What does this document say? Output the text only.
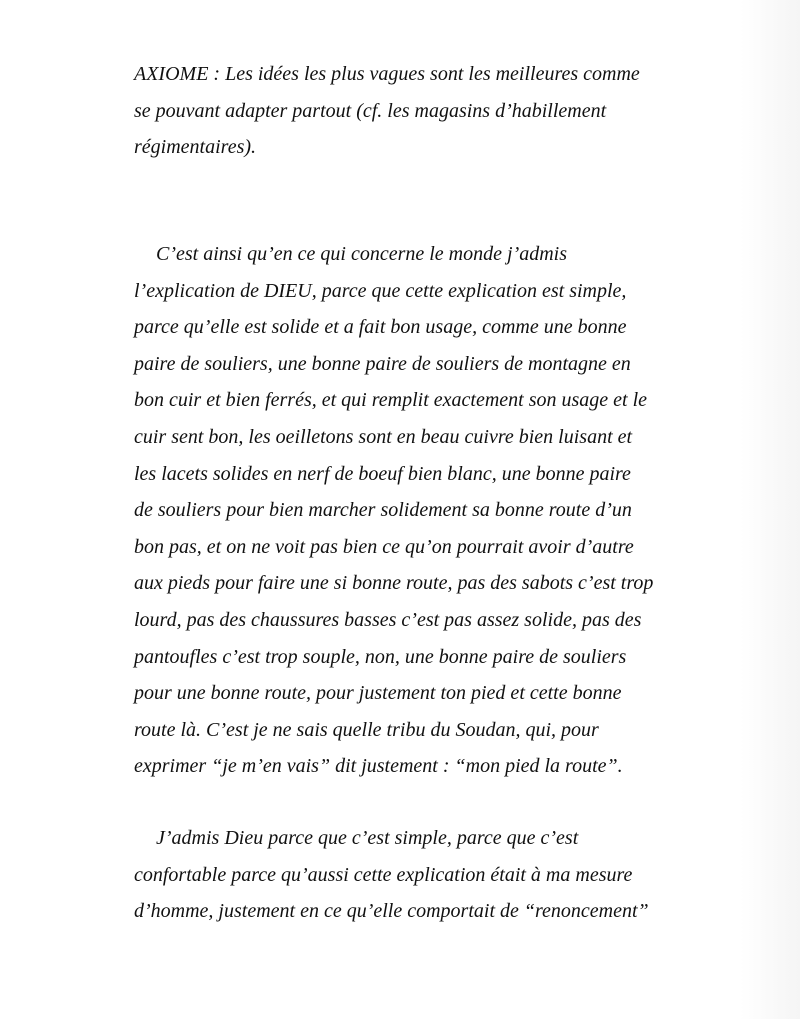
AXIOME : Les idées les plus vagues sont les meilleures comme
se pouvant adapter partout (cf. les magasins d’habillement
régimentaires).
C’est ainsi qu’en ce qui concerne le monde j’admis
l’explication de DIEU, parce que cette explication est simple,
parce qu’elle est solide et a fait bon usage, comme une bonne
paire de souliers, une bonne paire de souliers de montagne en
bon cuir et bien ferrés, et qui remplit exactement son usage et le
cuir sent bon, les oeilletons sont en beau cuivre bien luisant et
les lacets solides en nerf de boeuf bien blanc, une bonne paire
de souliers pour bien marcher solidement sa bonne route d’un
bon pas, et on ne voit pas bien ce qu’on pourrait avoir d’autre
aux pieds pour faire une si bonne route, pas des sabots c’est trop
lourd, pas des chaussures basses c’est pas assez solide, pas des
pantoufles c’est trop souple, non, une bonne paire de souliers
pour une bonne route, pour justement ton pied et cette bonne
route là. C’est je ne sais quelle tribu du Soudan, qui, pour
exprimer “je m’en vais” dit justement : “mon pied la route”.
J’admis Dieu parce que c’est simple, parce que c’est
confortable parce qu’aussi cette explication était à ma mesure
d’homme, justement en ce qu’elle comportait de “renoncement”
